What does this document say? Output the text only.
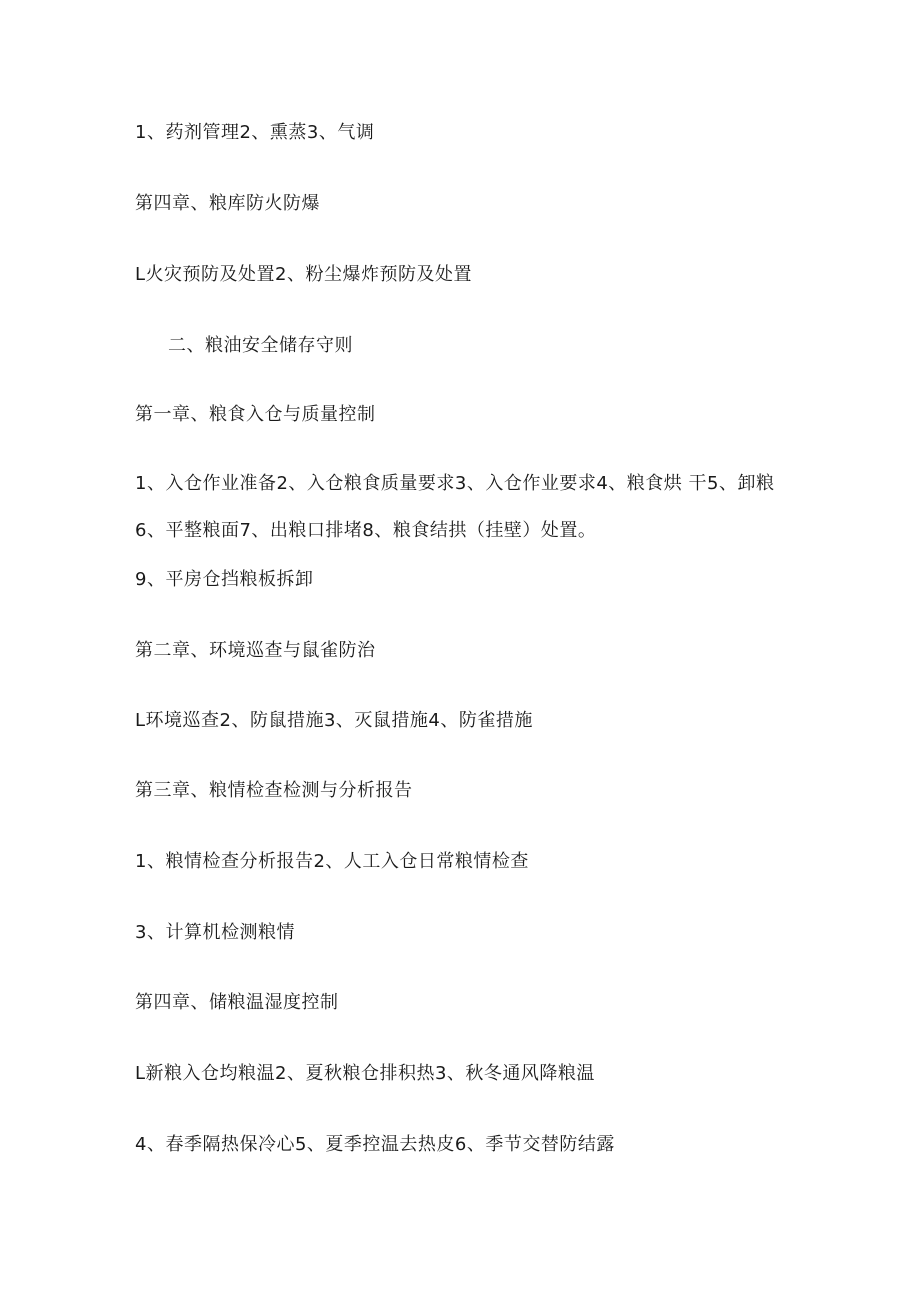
1、药剂管理2、熏蒸3、气调
第四章、粮库防火防爆
L火灾预防及处置2、粉尘爆炸预防及处置
二、粮油安全储存守则
第一章、粮食入仓与质量控制
1、入仓作业准备2、入仓粮食质量要求3、入仓作业要求4、粮食烘 干5、卸粮
6、平整粮面7、出粮口排堵8、粮食结拱（挂壁）处置。
9、平房仓挡粮板拆卸
第二章、环境巡查与鼠雀防治
L环境巡查2、防鼠措施3、灭鼠措施4、防雀措施
第三章、粮情检查检测与分析报告
1、粮情检查分析报告2、人工入仓日常粮情检查
3、计算机检测粮情
第四章、储粮温湿度控制
L新粮入仓均粮温2、夏秋粮仓排积热3、秋冬通风降粮温
4、春季隔热保冷心5、夏季控温去热皮6、季节交替防结露
